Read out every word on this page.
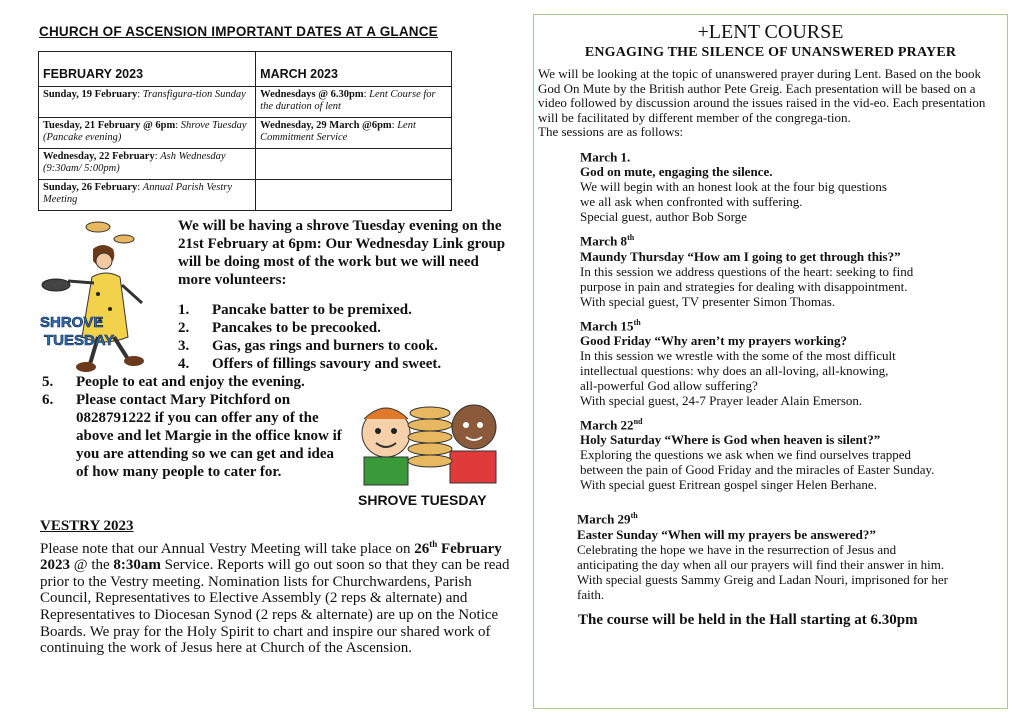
CHURCH OF ASCENSION IMPORTANT DATES AT A GLANCE
FEBRUARY 2023	MARCH 2023
Sunday, 19 February: Transfigura-tion Sunday	Wednesdays @ 6.30pm: Lent Course for the duration of lent
Tuesday, 21 February @ 6pm: Shrove Tuesday (Pancake evening)	Wednesday, 29 March @6pm: Lent Commitment Service
Wednesday, 22 February: Ash Wednesday (9:30am/ 5:00pm)	
Sunday, 26 February: Annual Parish Vestry Meeting	
SHROVE
TUESDAY
We will be having a shrove Tuesday evening on the 21st February at 6pm: Our Wednesday Link group will be doing most of the work but we will need more volunteers:
1.	Pancake batter to be premixed.
2.	Pancakes to be precooked.
3.	Gas, gas rings and burners to cook.
4.	Offers of fillings savoury and sweet.
5.	People to eat and enjoy the evening.
6.	Please contact Mary Pitchford on 0828791222 if you can offer any of the above and let Margie in the office know if you are attending so we can get and idea of how many people to cater for.
SHROVE TUESDAY
VESTRY 2023

Please note that our Annual Vestry Meeting will take place on 26th February 2023 @ the 8:30am Service. Reports will go out soon so that they can be read prior to the Vestry meeting. Nomination lists for Churchwardens, Parish Council, Representatives to Elective Assembly (2 reps & alternate) and Representatives to Diocesan Synod (2 reps & alternate) are up on the Notice Boards. We pray for the Holy Spirit to chart and inspire our shared work of continuing the work of Jesus here at Church of the Ascension.

+LENT COURSE
ENGAGING THE SILENCE OF UNANSWERED PRAYER
We will be looking at the topic of unanswered prayer during Lent. Based on the book God On Mute by the British author Pete Greig. Each presentation will be based on a video followed by discussion around the issues raised in the vid-eo. Each presentation will be facilitated by different member of the congrega-tion.
The sessions are as follows:
March 1.
God on mute, engaging the silence.
We will begin with an honest look at the four big questions
we all ask when confronted with suffering.
Special guest, author Bob Sorge
March 8th
Maundy Thursday “How am I going to get through this?”
In this session we address questions of the heart: seeking to find
purpose in pain and strategies for dealing with disappointment.
With special guest, TV presenter Simon Thomas.
March 15th
Good Friday “Why aren’t my prayers working?
In this session we wrestle with the some of the most difficult
intellectual questions: why does an all-loving, all-knowing,
all-powerful God allow suffering?
With special guest, 24-7 Prayer leader Alain Emerson.
March 22nd
Holy Saturday “Where is God when heaven is silent?”
Exploring the questions we ask when we find ourselves trapped
between the pain of Good Friday and the miracles of Easter Sunday.
With special guest Eritrean gospel singer Helen Berhane.
March 29th
Easter Sunday “When will my prayers be answered?”
Celebrating the hope we have in the resurrection of Jesus and
anticipating the day when all our prayers will find their answer in him.
With special guests Sammy Greig and Ladan Nouri, imprisoned for her
faith.
The course will be held in the Hall starting at 6.30pm
